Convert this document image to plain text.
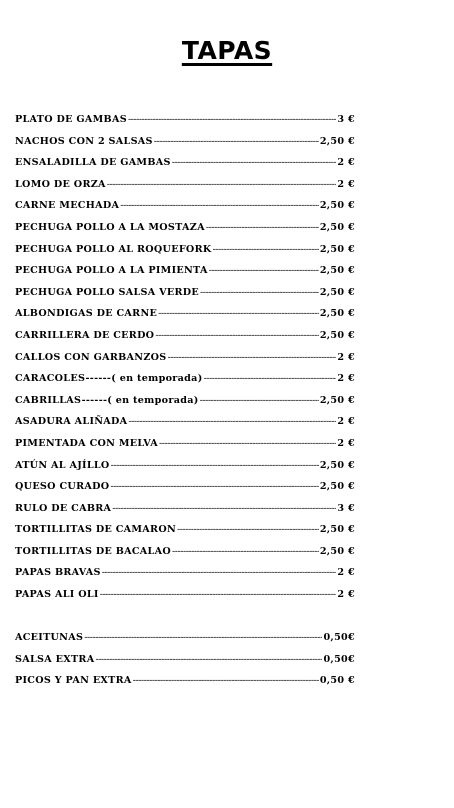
TAPAS
PLATO DE GAMBAS -----	3 €
NACHOS CON 2 SALSAS -----	2,50 €
ENSALADILLA DE GAMBAS -----	2 €
LOMO DE ORZA -----	2 €
CARNE MECHADA -----	2,50 €
PECHUGA POLLO A LA MOSTAZA -----	2,50 €
PECHUGA POLLO AL ROQUEFORK -----	2,50 €
PECHUGA POLLO A LA PIMIENTA -----	2,50 €
PECHUGA POLLO SALSA VERDE -----	2,50 €
ALBONDIGAS DE CARNE -----	2,50 €
CARRILLERA DE CERDO -----	2,50 €
CALLOS CON GARBANZOS -----	2 €
CARACOLES------( en temporada) -----	2 €
CABRILLAS------( en temporada) -----	2,50 €
ASADURA ALIÑADA -----	2 €
PIMENTADA CON MELVA -----	2 €
ATÚN AL AJÍLLO -----	2,50 €
QUESO CURADO -----	2,50 €
RULO DE CABRA -----	3 €
TORTILLITAS DE CAMARON -----	2,50 €
TORTILLITAS DE BACALAO -----	2,50 €
PAPAS BRAVAS -----	2 €
PAPAS ALI OLI -----	2 €
ACEITUNAS -----	0,50€
SALSA EXTRA -----	0,50€
PICOS Y PAN EXTRA -----	0,50 €
